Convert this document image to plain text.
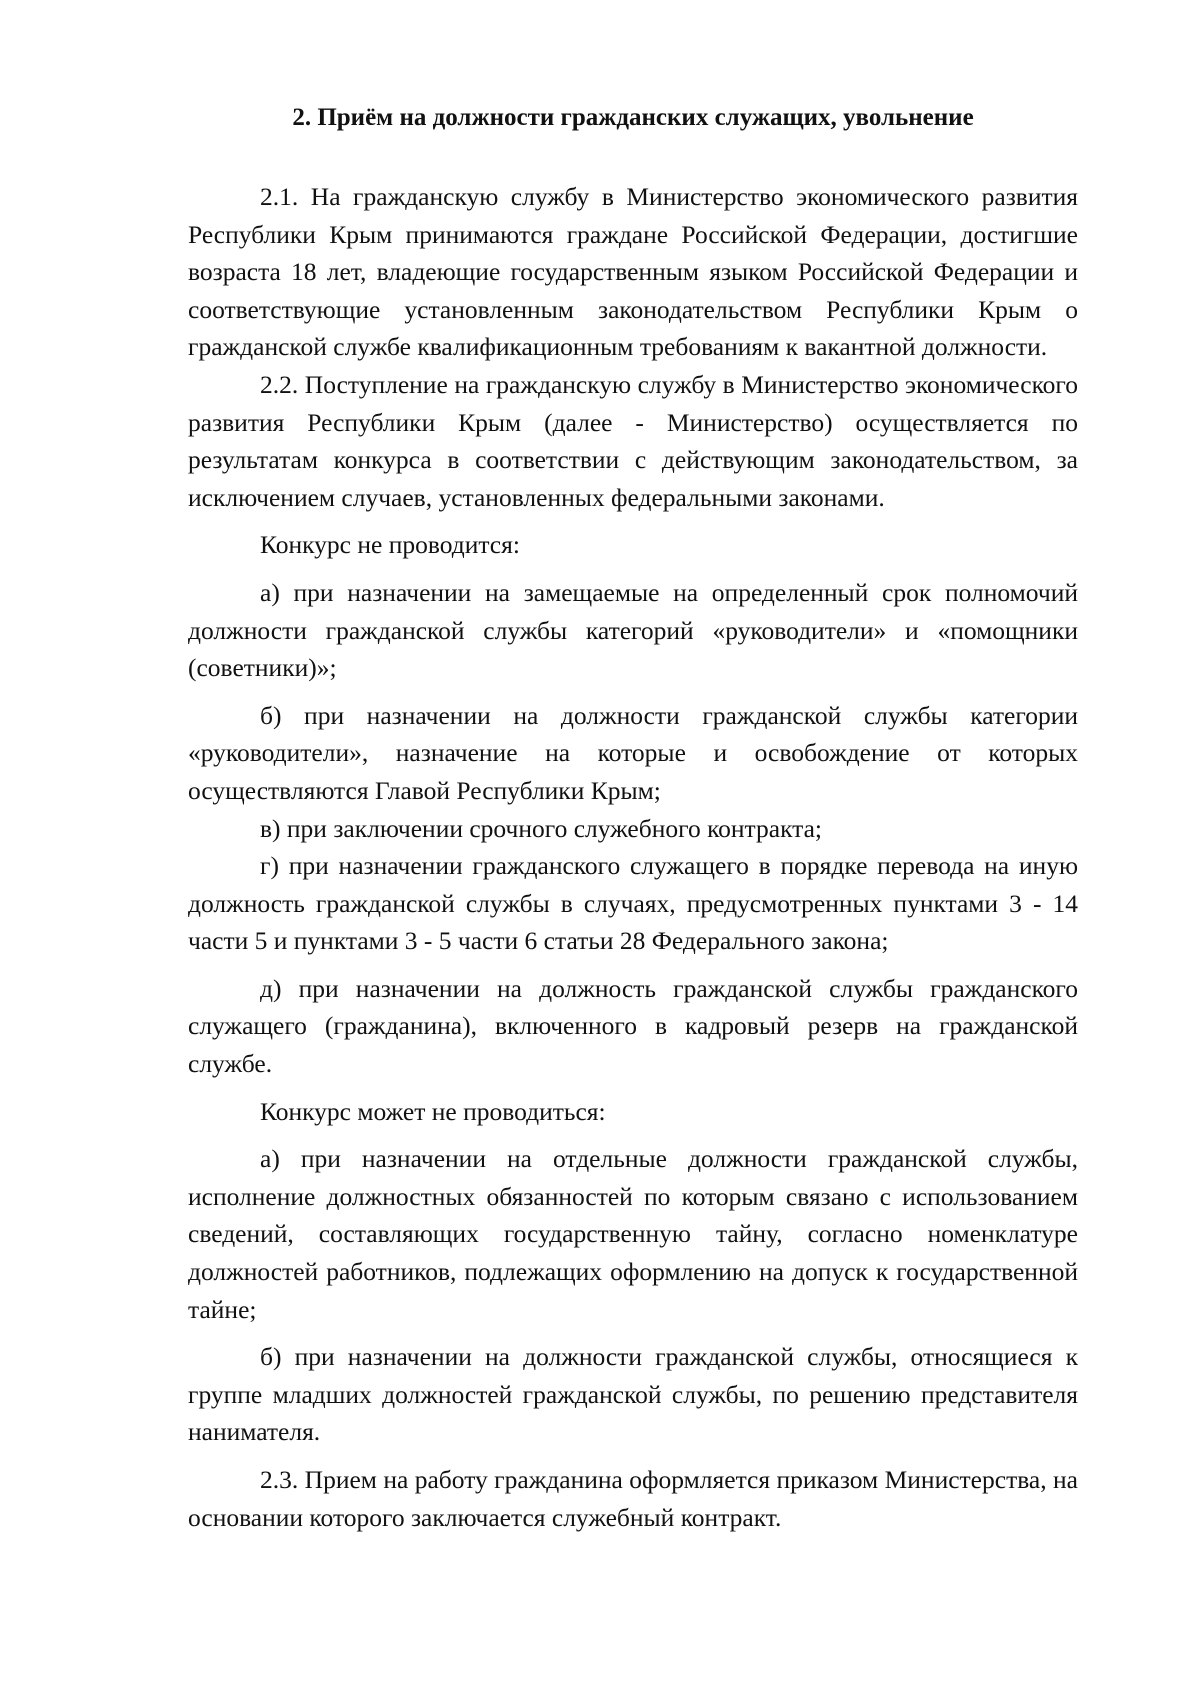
2. Приём на должности гражданских служащих, увольнение

2.1. На гражданскую службу в Министерство экономического развития Республики Крым принимаются граждане Российской Федерации, достигшие возраста 18 лет, владеющие государственным языком Российской Федерации и соответствующие установленным законодательством Республики Крым о гражданской службе квалификационным требованиям к вакантной должности.

2.2. Поступление на гражданскую службу в Министерство экономического развития Республики Крым (далее - Министерство) осуществляется по результатам конкурса в соответствии с действующим законодательством, за исключением случаев, установленных федеральными законами.

Конкурс не проводится:

а) при назначении на замещаемые на определенный срок полномочий должности гражданской службы категорий «руководители» и «помощники (советники)»;

б) при назначении на должности гражданской службы категории «руководители», назначение на которые и освобождение от которых осуществляются Главой Республики Крым;

в) при заключении срочного служебного контракта;

г) при назначении гражданского служащего в порядке перевода на иную должность гражданской службы в случаях, предусмотренных пунктами 3 - 14 части 5 и пунктами 3 - 5 части 6 статьи 28 Федерального закона;

д) при назначении на должность гражданской службы гражданского служащего (гражданина), включенного в кадровый резерв на гражданской службе.

Конкурс может не проводиться:

а) при назначении на отдельные должности гражданской службы, исполнение должностных обязанностей по которым связано с использованием сведений, составляющих государственную тайну, согласно номенклатуре должностей работников, подлежащих оформлению на допуск к государственной тайне;

б) при назначении на должности гражданской службы, относящиеся к группе младших должностей гражданской службы, по решению представителя нанимателя.

2.3. Прием на работу гражданина оформляется приказом Министерства, на основании которого заключается служебный контракт.
